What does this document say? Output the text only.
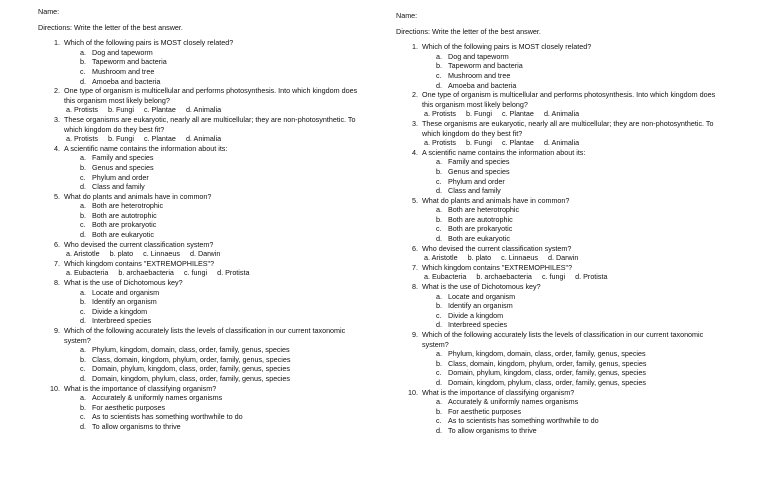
Name:
Directions: Write the letter of the best answer.
1. Which of the following pairs is MOST closely related?
a. Dog and tapeworm
b. Tapeworm and bacteria
c. Mushroom and tree
d. Amoeba and bacteria
2. One type of organism is multicellular and performs photosynthesis. Into which kingdom does this organism most likely belong?
a. Protists b. Fungi c. Plantae d. Animalia
3. These organisms are eukaryotic, nearly all are multicellular; they are non-photosynthetic. To which kingdom do they best fit?
a. Protists b. Fungi c. Plantae d. Animalia
4. A scientific name contains the information about its:
a. Family and species
b. Genus and species
c. Phylum and order
d. Class and family
5. What do plants and animals have in common?
a. Both are heterotrophic
b. Both are autotrophic
c. Both are prokaryotic
d. Both are eukaryotic
6. Who devised the current classification system?
a. Aristotle b. plato c. Linnaeus d. Darwin
7. Which kingdom contains "EXTREMOPHILES"?
a. Eubacteria b. archaebacteria c. fungi d. Protista
8. What is the use of Dichotomous key?
a. Locate and organism
b. Identify an organism
c. Divide a kingdom
d. Interbreed species
9. Which of the following accurately lists the levels of classification in our current taxonomic system?
a. Phylum, kingdom, domain, class, order, family, genus, species
b. Class, domain, kingdom, phylum, order, family, genus, species
c. Domain, phylum, kingdom, class, order, family, genus, species
d. Domain, kingdom, phylum, class, order, family, genus, species
10. What is the importance of classifying organism?
a. Accurately & uniformly names organisms
b. For aesthetic purposes
c. As to scientists has something worthwhile to do
d. To allow organisms to thrive
Name:
Directions: Write the letter of the best answer.
1. Which of the following pairs is MOST closely related?
a. Dog and tapeworm
b. Tapeworm and bacteria
c. Mushroom and tree
d. Amoeba and bacteria
2. One type of organism is multicellular and performs photosynthesis. Into which kingdom does this organism most likely belong?
a. Protists b. Fungi c. Plantae d. Animalia
3. These organisms are eukaryotic, nearly all are multicellular; they are non-photosynthetic. To which kingdom do they best fit?
a. Protists b. Fungi c. Plantae d. Animalia
4. A scientific name contains the information about its:
a. Family and species
b. Genus and species
c. Phylum and order
d. Class and family
5. What do plants and animals have in common?
a. Both are heterotrophic
b. Both are autotrophic
c. Both are prokaryotic
d. Both are eukaryotic
6. Who devised the current classification system?
a. Aristotle b. plato c. Linnaeus d. Darwin
7. Which kingdom contains "EXTREMOPHILES"?
a. Eubacteria b. archaebacteria c. fungi d. Protista
8. What is the use of Dichotomous key?
a. Locate and organism
b. Identify an organism
c. Divide a kingdom
d. Interbreed species
9. Which of the following accurately lists the levels of classification in our current taxonomic system?
a. Phylum, kingdom, domain, class, order, family, genus, species
b. Class, domain, kingdom, phylum, order, family, genus, species
c. Domain, phylum, kingdom, class, order, family, genus, species
d. Domain, kingdom, phylum, class, order, family, genus, species
10. What is the importance of classifying organism?
a. Accurately & uniformly names organisms
b. For aesthetic purposes
c. As to scientists has something worthwhile to do
d. To allow organisms to thrive
